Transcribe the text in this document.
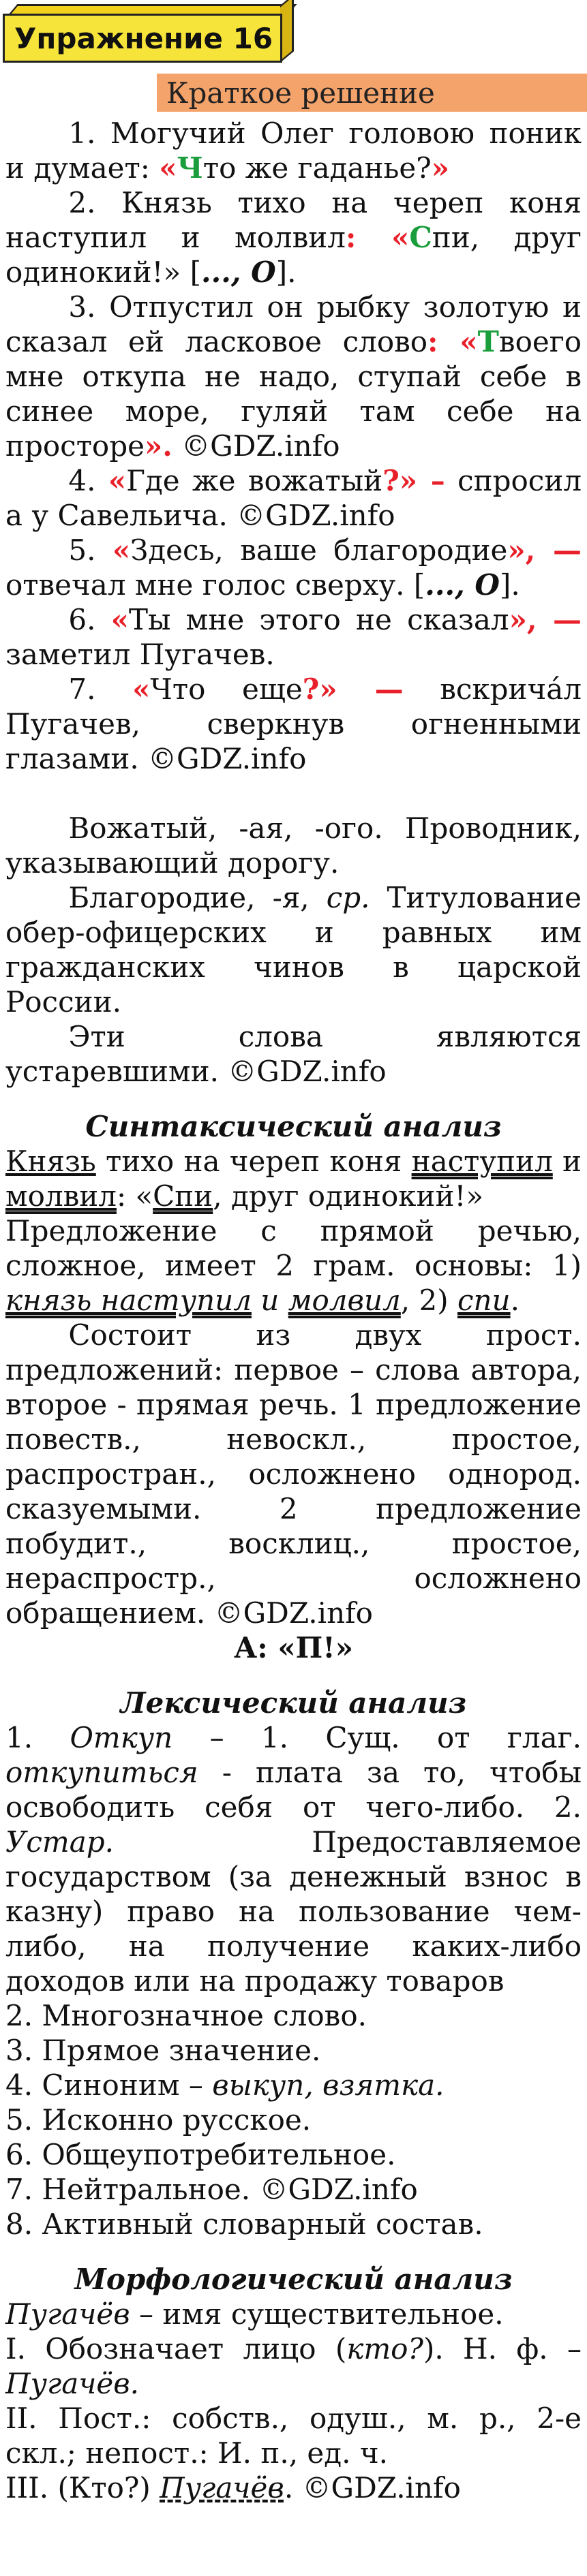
Упражнение 16
Краткое решение
1. Могучий Олег головою поник и думает: «Что же гаданье?»
2. Князь тихо на череп коня наступил и молвил: «Спи, друг одинокий!» [..., О].
3. Отпустил он рыбку золотую и сказал ей ласковое слово: «Твоего мне откупа не надо, ступай себе в синее море, гуляй там себе на просторе». ©GDZ.info
4. «Где же вожатый?» – спросил а у Савельича. ©GDZ.info
5. «Здесь, ваше благородие», — отвечал мне голос сверху. [..., О].
6. «Ты мне этого не сказал», — заметил Пугачев.
7. «Что еще?» — вскричáл Пугачев, сверкнув огненными глазами. ©GDZ.info
Вожатый, -ая, -ого. Проводник, указывающий дорогу.
Благородие, -я, ср. Титулование обер-офицерских и равных им гражданских чинов в царской России.
Эти слова являются устаревшими. ©GDZ.info
Синтаксический анализ
Князь тихо на череп коня наступил и молвил: «Спи, друг одинокий!»
Предложение с прямой речью, сложное, имеет 2 грам. основы: 1) князь наступил и молвил, 2) спи.
Состоит из двух прост. предложений: первое – слова автора, второе - прямая речь. 1 предложение повеств., невоскл., простое, распростран., осложнено однород. сказуемыми. 2 предложение побудит., восклиц., простое, нераспростр., осложнено обращением. ©GDZ.info
А: «П!»
Лексический анализ
1. Откуп – 1. Сущ. от глаг. откупиться - плата за то, чтобы освободить себя от чего-либо. 2. Устар. Предоставляемое государством (за денежный взнос в казну) право на пользование чем-либо, на получение каких-либо доходов или на продажу товаров
2. Многозначное слово.
3. Прямое значение.
4. Синоним – выкуп, взятка.
5. Исконно русское.
6. Общеупотребительное.
7. Нейтральное. ©GDZ.info
8. Активный словарный состав.
Морфологический анализ
Пугачёв – имя существительное.
I. Обозначает лицо (кто?). Н. ф. – Пугачёв.
II. Пост.: собств., одуш., м. р., 2-е скл.; непост.: И. п., ед. ч.
III. (Кто?) Пугачёв. ©GDZ.info
